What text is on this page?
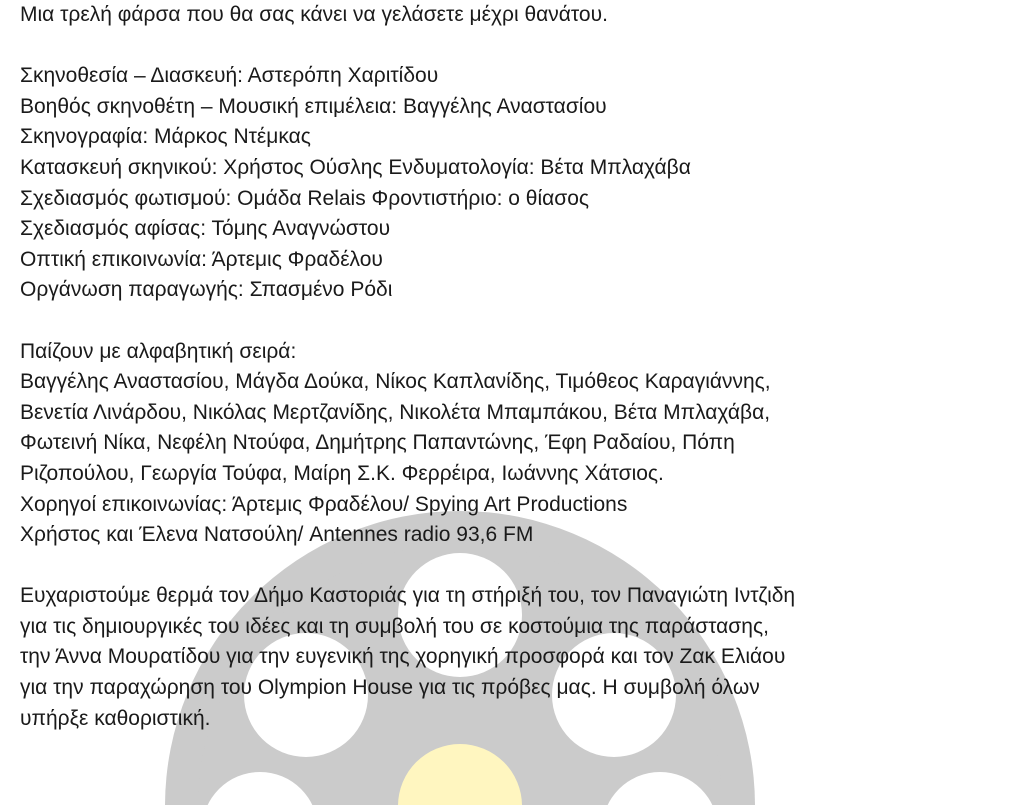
Μια τρελή φάρσα που θα σας κάνει να γελάσετε μέχρι θανάτου.
Σκηνοθεσία – Διασκευή: Αστερόπη Χαριτίδου
Βοηθός σκηνοθέτη – Μουσική επιμέλεια: Βαγγέλης Αναστασίου
Σκηνογραφία: Μάρκος Ντέμκας
Κατασκευή σκηνικού: Χρήστος Ούσλης Ενδυματολογία: Βέτα Μπλαχάβα
Σχεδιασμός φωτισμού: Ομάδα Relais Φροντιστήριο: ο θίασος
Σχεδιασμός αφίσας: Τόμης Αναγνώστου
Οπτική επικοινωνία: Άρτεμις Φραδέλου
Οργάνωση παραγωγής: Σπασμένο Ρόδι
Παίζουν με αλφαβητική σειρά:
Βαγγέλης Αναστασίου, Μάγδα Δούκα, Νίκος Καπλανίδης, Τιμόθεος Καραγιάννης,
Βενετία Λινάρδου, Νικόλας Μερτζανίδης, Νικολέτα Μπαμπάκου, Βέτα Μπλαχάβα,
Φωτεινή Νίκα, Νεφέλη Ντούφα, Δημήτρης Παπαντώνης, Έφη Ραδαίου, Πόπη
Ριζοπούλου, Γεωργία Τούφα, Μαίρη Σ.Κ. Φερρέιρα, Ιωάννης Χάτσιος.
Χορηγοί επικοινωνίας: Άρτεμις Φραδέλου/ Spying Art Productions
Χρήστος και Έλενα Νατσούλη/ Antennes radio 93,6 FM
Ευχαριστούμε θερμά τον Δήμο Καστοριάς για τη στήριξή του, τον Παναγιώτη Ιντζιδη
για τις δημιουργικές του ιδέες και τη συμβολή του σε κοστούμια της παράστασης,
την Άννα Μουρατίδου για την ευγενική της χορηγική προσφορά και τον Ζακ Ελιάου
για την παραχώρηση του Olympion House για τις πρόβες μας. Η συμβολή όλων
υπήρξε καθοριστική.
